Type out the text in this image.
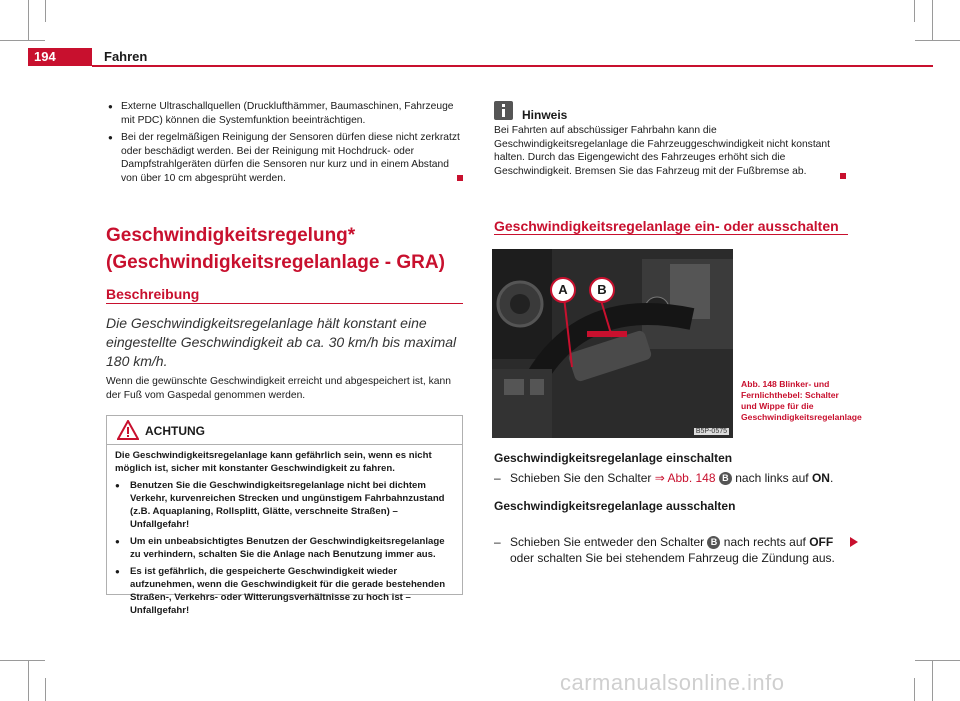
194	Fahren
● Externe Ultraschallquellen (Drucklufthämmer, Baumaschinen, Fahrzeuge mit PDC) können die Systemfunktion beeinträchtigen.
● Bei der regelmäßigen Reinigung der Sensoren dürfen diese nicht zerkratzt oder beschädigt werden. Bei der Reinigung mit Hochdruck- oder Dampfstrahlgeräten dürfen die Sensoren nur kurz und in einem Abstand von über 10 cm abgesprüht werden.
Geschwindigkeitsregelung*
(Geschwindigkeitsregelanlage - GRA)
Beschreibung
Die Geschwindigkeitsregelanlage hält konstant eine eingestellte Geschwindigkeit ab ca. 30 km/h bis maximal 180 km/h.
Wenn die gewünschte Geschwindigkeit erreicht und abgespeichert ist, kann der Fuß vom Gaspedal genommen werden.
ACHTUNG

Die Geschwindigkeitsregelanlage kann gefährlich sein, wenn es nicht möglich ist, sicher mit konstanter Geschwindigkeit zu fahren.

● Benutzen Sie die Geschwindigkeitsregelanlage nicht bei dichtem Verkehr, kurvenreichen Strecken und ungünstigem Fahrbahnzustand (z.B. Aquaplaning, Rollsplitt, Glätte, verschneite Straßen) – Unfallgefahr!

● Um ein unbeabsichtigtes Benutzen der Geschwindigkeitsregelanlage zu verhindern, schalten Sie die Anlage nach Benutzung immer aus.

● Es ist gefährlich, die gespeicherte Geschwindigkeit wieder aufzunehmen, wenn die Geschwindigkeit für die gerade bestehenden Straßen-, Verkehrs- oder Witterungsverhältnisse zu hoch ist – Unfallgefahr!

Hinweis
Bei Fahrten auf abschüssiger Fahrbahn kann die Geschwindigkeitsregelanlage die Fahrzeuggeschwindigkeit nicht konstant halten. Durch das Eigengewicht des Fahrzeuges erhöht sich die Geschwindigkeit. Bremsen Sie das Fahrzeug mit der Fußbremse ab.
Geschwindigkeitsregelanlage ein- oder ausschalten
A	B
B5P-0575
Abb. 148 Blinker- und Fernlichthebel: Schalter und Wippe für die Geschwindigkeitsregelanlage
Geschwindigkeitsregelanlage einschalten
– Schieben Sie den Schalter ⇒ Abb. 148 B nach links auf ON.
Geschwindigkeitsregelanlage ausschalten
– Schieben Sie entweder den Schalter B nach rechts auf OFF oder schalten Sie bei stehendem Fahrzeug die Zündung aus.
carmanualsonline.info
